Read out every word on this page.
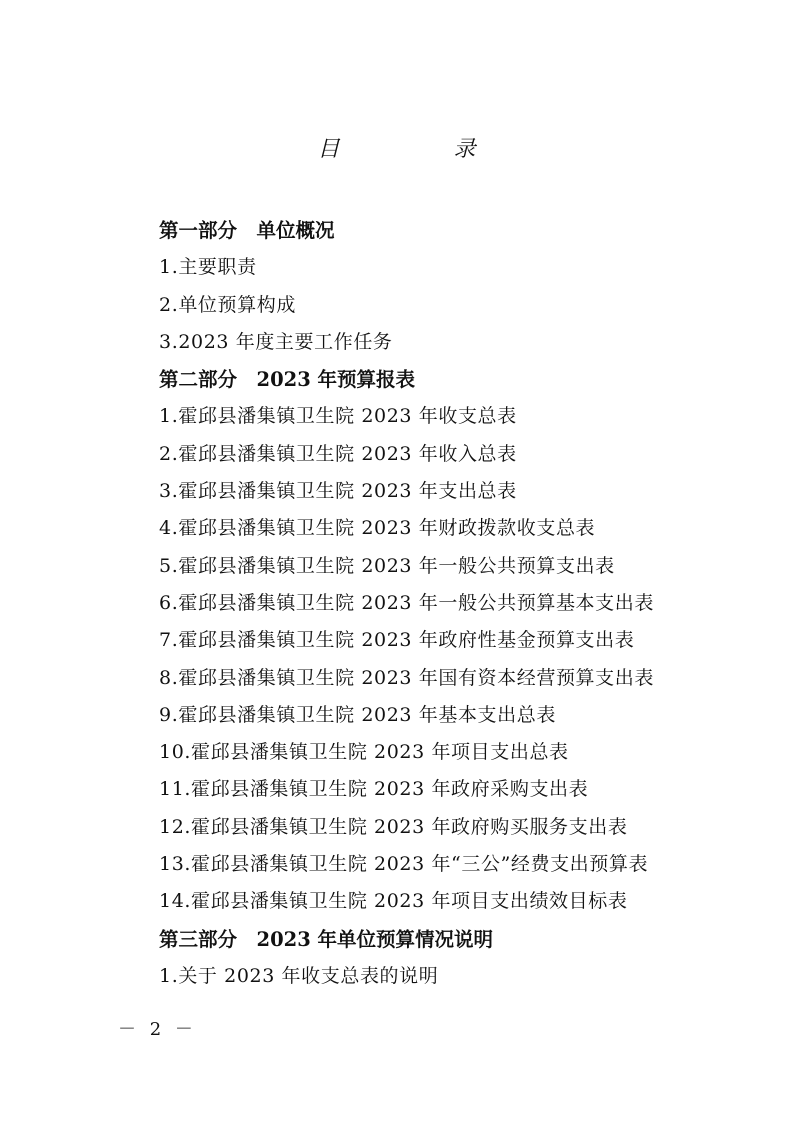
目　录
第一部分　单位概况
1.主要职责
2.单位预算构成
3.2023 年度主要工作任务
第二部分　2023 年预算报表
1.霍邱县潘集镇卫生院 2023 年收支总表
2.霍邱县潘集镇卫生院 2023 年收入总表
3.霍邱县潘集镇卫生院 2023 年支出总表
4.霍邱县潘集镇卫生院 2023 年财政拨款收支总表
5.霍邱县潘集镇卫生院 2023 年一般公共预算支出表
6.霍邱县潘集镇卫生院 2023 年一般公共预算基本支出表
7.霍邱县潘集镇卫生院 2023 年政府性基金预算支出表
8.霍邱县潘集镇卫生院 2023 年国有资本经营预算支出表
9.霍邱县潘集镇卫生院 2023 年基本支出总表
10.霍邱县潘集镇卫生院 2023 年项目支出总表
11.霍邱县潘集镇卫生院 2023 年政府采购支出表
12.霍邱县潘集镇卫生院 2023 年政府购买服务支出表
13.霍邱县潘集镇卫生院 2023 年“三公”经费支出预算表
14.霍邱县潘集镇卫生院 2023 年项目支出绩效目标表
第三部分　2023 年单位预算情况说明
1.关于 2023 年收支总表的说明
－ 2 －
